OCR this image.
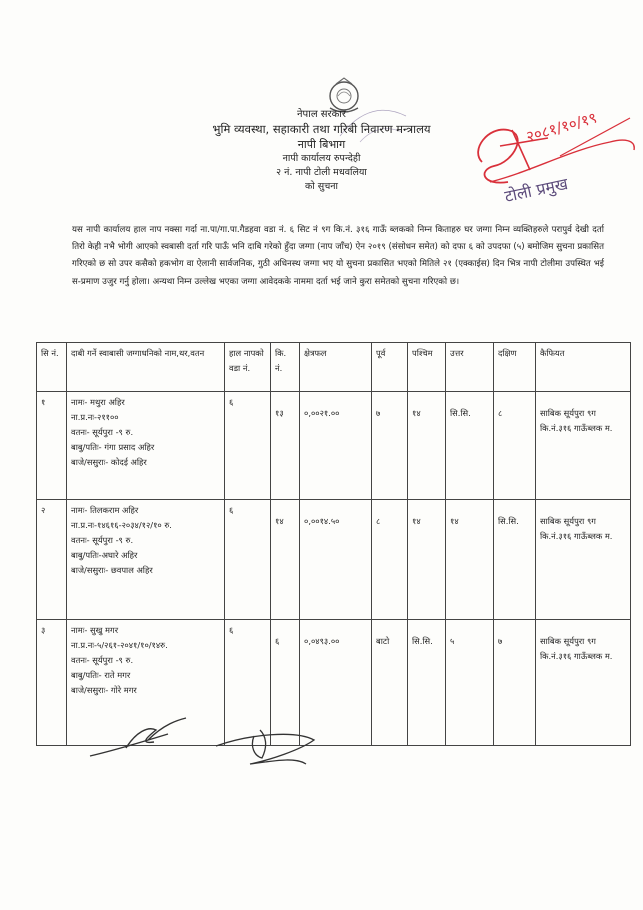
नेपाल सरकार
भुमि व्यवस्था, सहाकारी तथा गरिबी निवारण मन्त्रालय
नापी बिभाग
नापी कार्यालय रुपन्देही
२ नं. नापी टोली मधवलिया
को सुचना
२०८१/१०/१९
टोली प्रमुख
यस नापी कार्यालय हाल नाप नक्सा गर्दा ना.पा/गा.पा.गैडहवा वडा नं. ६ सिट नं ९ग कि.नं. ३१६ गाऊँ ब्लकको निम्न किताहरु घर जग्गा निम्न व्यक्तिहरुले परापुर्व देखी दर्ता तिरो केही नभै भोगी आएको स्वबासी दर्ता गरि पाऊँ भनि दाबि गरेको हुँदा जग्गा (नाप जाँच) ऐन २०१९ (संसोधन समेत) को दफा ६ को उपदफा (५) बमोजिम सुचना प्रकासित गरिएको छ सो उपर कसैको हकभोग वा ऐलानी सार्वजनिक, गुठी अधिनस्थ जग्गा भए यो सुचना प्रकासित भएको मितिले २१ (एक्काईस) दिन भित्र नापी टोलीमा उपस्थित भई स-प्रमाण उजुर गर्नु होला। अन्यथा निम्न उल्लेख भएका जग्गा आवेदकके नाममा दर्ता भई जाने कुरा समेतको सुचना गरिएको छ।
सि नं.	दाबी गर्ने स्वाबासी जग्गाधनिको नाम,थर,वतन	हाल नापको वडा नं.	कि. नं.	क्षेत्रफल	पूर्व	पश्चिम	उत्तर	दक्षिण	कैफियत
१	नामः- मथुरा अहिर
ना.प्र.नः-२११००
वतनः- सूर्यपुरा -९ रु.
बाबु/पतिः- गंगा प्रसाद अहिर
बाजे/ससुराः- कोदई अहिर	६	१३	०,००२१.००	७	१४	सि.सि.	८	साबिक सूर्यपुरा ९ग कि.नं.३१६ गाऊँब्लक म.
२	नामः- तिलकराम अहिर
ना.प्र.नः-१४६१६-२०३४/१२/१० रु.
वतनः- सूर्यपुरा -९ रु.
बाबु/पतिः-अघारे अहिर
बाजे/ससुराः- छवपाल अहिर	६	१४	०,००१४.५०	८	१४	१४	सि.सि.	साबिक सूर्यपुरा ९ग कि.नं.३१६ गाऊँब्लक म.
३	नामः- सुखु मगर
ना.प्र.नः-५/२६१-२०४१/१०/१४रु.
वतनः- सूर्यपुरा -९ रु.
बाबु/पतिः- राते मगर
बाजे/ससुराः- गोरे मगर	६	६	०,०४९३.००	बाटो	सि.सि.	५	७	साबिक सूर्यपुरा ९ग कि.नं.३१६ गाऊँब्लक म.
